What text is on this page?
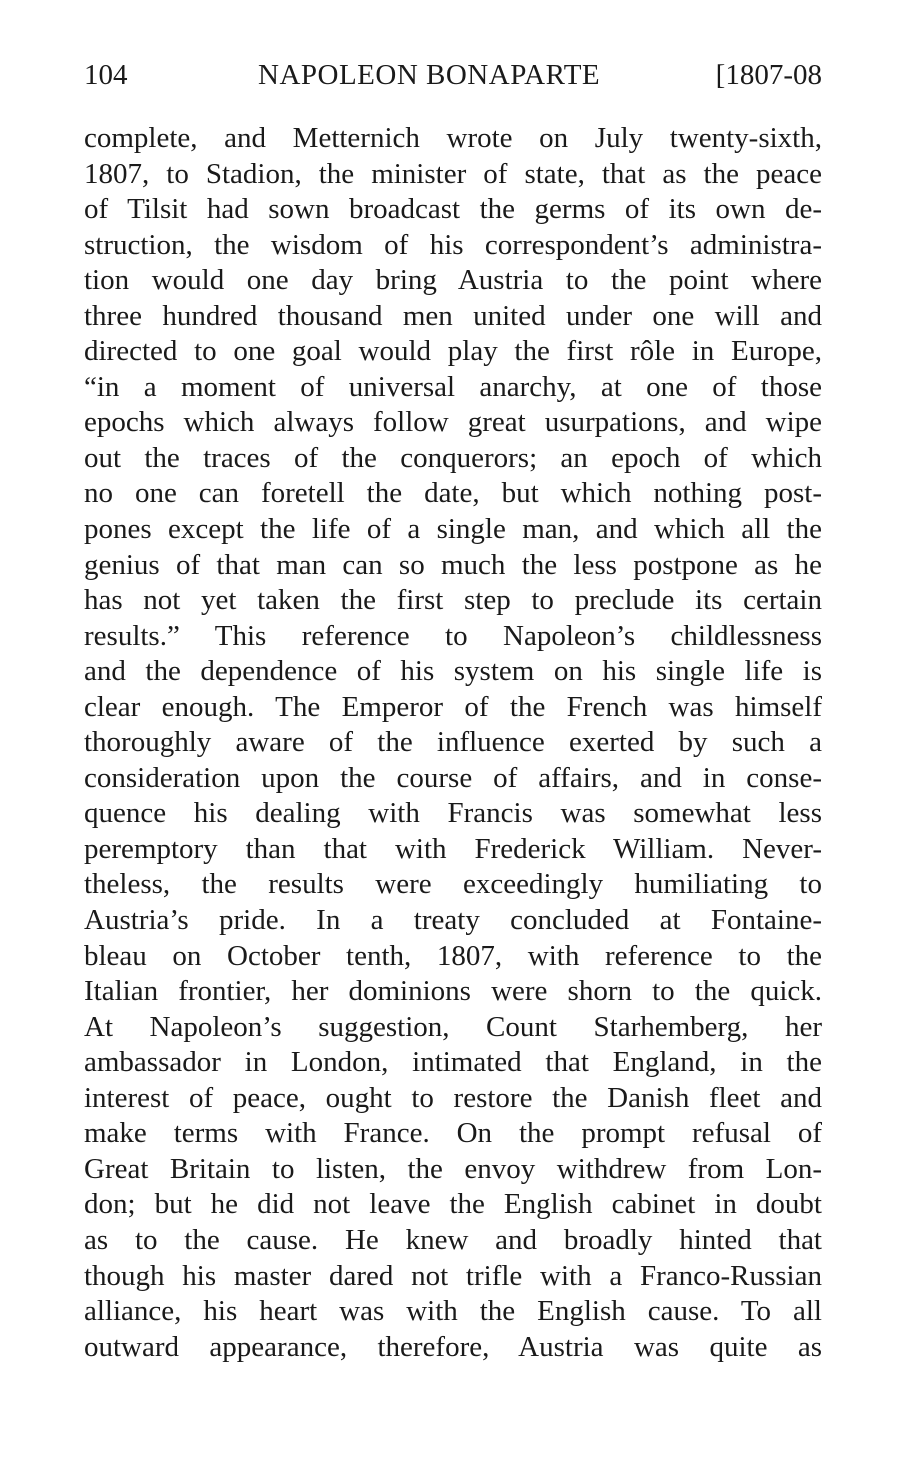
104	NAPOLEON BONAPARTE	[1807-08
complete, and Metternich wrote on July twenty-sixth,
1807, to Stadion, the minister of state, that as the peace
of Tilsit had sown broadcast the germs of its own de-
struction, the wisdom of his correspondent’s administra-
tion would one day bring Austria to the point where
three hundred thousand men united under one will and
directed to one goal would play the first rôle in Europe,
“in a moment of universal anarchy, at one of those
epochs which always follow great usurpations, and wipe
out the traces of the conquerors; an epoch of which
no one can foretell the date, but which nothing post-
pones except the life of a single man, and which all the
genius of that man can so much the less postpone as he
has not yet taken the first step to preclude its certain
results.” This reference to Napoleon’s childlessness
and the dependence of his system on his single life is
clear enough. The Emperor of the French was himself
thoroughly aware of the influence exerted by such a
consideration upon the course of affairs, and in conse-
quence his dealing with Francis was somewhat less
peremptory than that with Frederick William. Never-
theless, the results were exceedingly humiliating to
Austria’s pride. In a treaty concluded at Fontaine-
bleau on October tenth, 1807, with reference to the
Italian frontier, her dominions were shorn to the quick.
At Napoleon’s suggestion, Count Starhemberg, her
ambassador in London, intimated that England, in the
interest of peace, ought to restore the Danish fleet and
make terms with France. On the prompt refusal of
Great Britain to listen, the envoy withdrew from Lon-
don; but he did not leave the English cabinet in doubt
as to the cause. He knew and broadly hinted that
though his master dared not trifle with a Franco-Russian
alliance, his heart was with the English cause. To all
outward appearance, therefore, Austria was quite as
